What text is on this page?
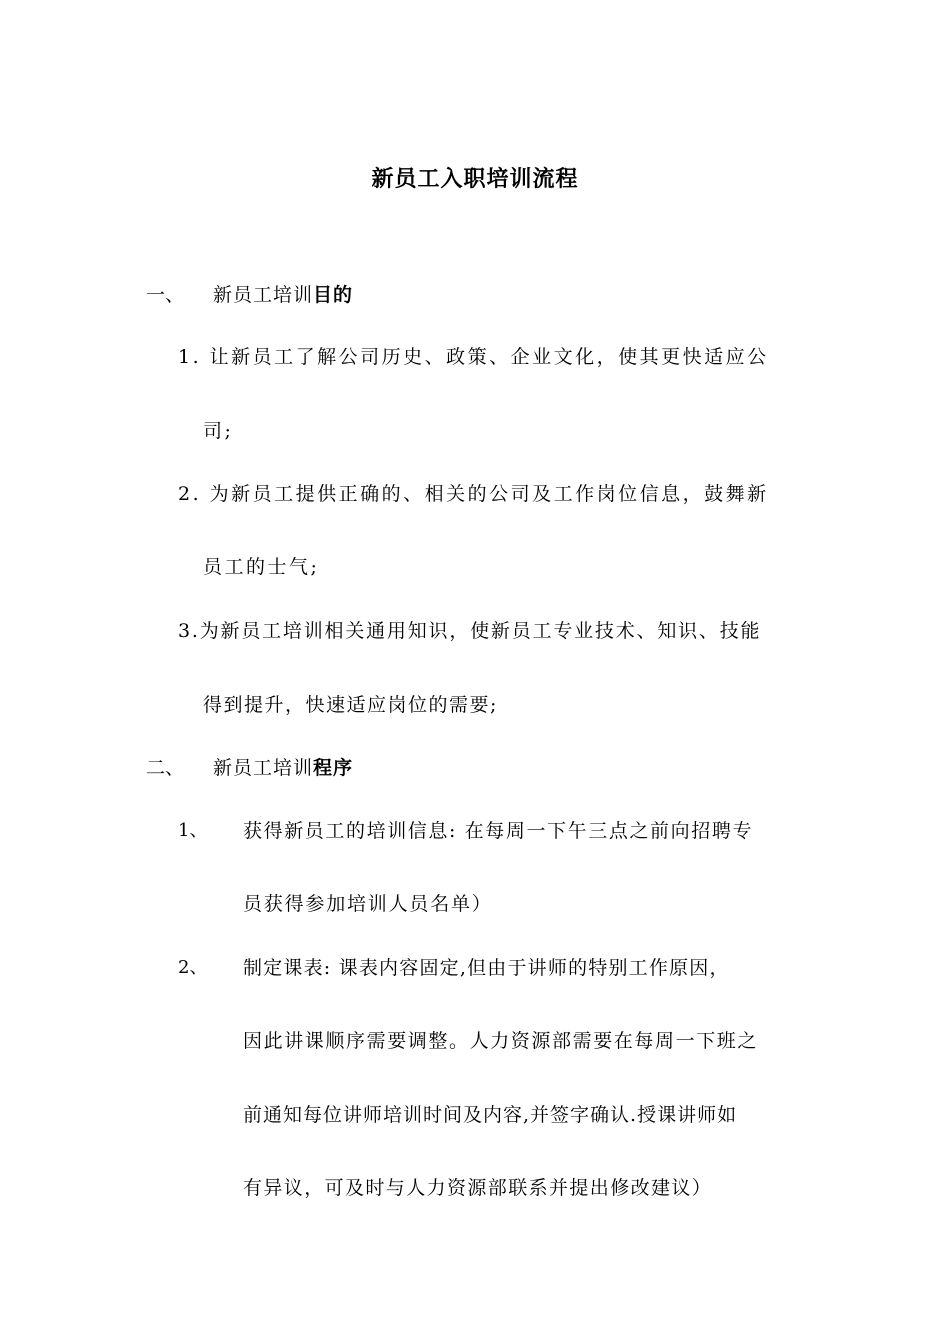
新员工入职培训流程
一、 新员工培训目的
1. 让新员工了解公司历史、政策、企业文化，使其更快适应公
司;
2. 为新员工提供正确的、相关的公司及工作岗位信息，鼓舞新
员工的士气;
3.为新员工培训相关通用知识，使新员工专业技术、知识、技能
得到提升，快速适应岗位的需要;
二、 新员工培训程序
1、 获得新员工的培训信息: 在每周一下午三点之前向招聘专
员获得参加培训人员名单）
2、 制定课表: 课表内容固定,但由于讲师的特别工作原因，
因此讲课顺序需要调整。人力资源部需要在每周一下班之
前通知每位讲师培训时间及内容,并签字确认.授课讲师如
有异议，可及时与人力资源部联系并提出修改建议）
